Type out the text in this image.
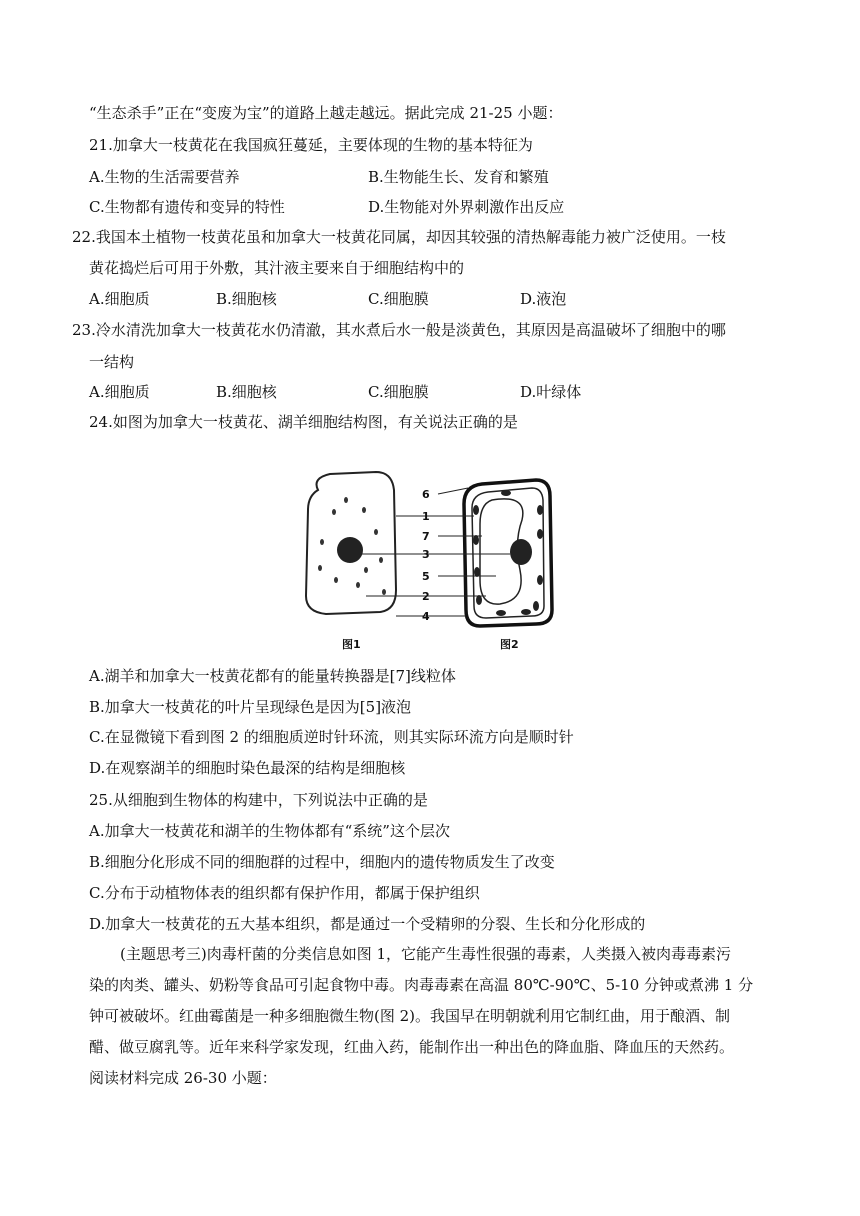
“生态杀手”正在“变废为宝”的道路上越走越远。据此完成 21-25 小题：
21.加拿大一枝黄花在我国疯狂蔓延，主要体现的生物的基本特征为
A.生物的生活需要营养	B.生物能生长、发育和繁殖
C.生物都有遗传和变异的特性	D.生物能对外界刺激作出反应
22.我国本土植物一枝黄花虽和加拿大一枝黄花同属，却因其较强的清热解毒能力被广泛使用。一枝
黄花捣烂后可用于外敷，其汁液主要来自于细胞结构中的
A.细胞质	B.细胞核	C.细胞膜	D.液泡
23.冷水清洗加拿大一枝黄花水仍清澈，其水煮后水一般是淡黄色，其原因是高温破坏了细胞中的哪
一结构
A.细胞质	B.细胞核	C.细胞膜	D.叶绿体
24.如图为加拿大一枝黄花、湖羊细胞结构图，有关说法正确的是
6
1
7
3
5
2
4
图1	图2
A.湖羊和加拿大一枝黄花都有的能量转换器是[7]线粒体
B.加拿大一枝黄花的叶片呈现绿色是因为[5]液泡
C.在显微镜下看到图 2 的细胞质逆时针环流，则其实际环流方向是顺时针
D.在观察湖羊的细胞时染色最深的结构是细胞核
25.从细胞到生物体的构建中，下列说法中正确的是
A.加拿大一枝黄花和湖羊的生物体都有“系统”这个层次
B.细胞分化形成不同的细胞群的过程中，细胞内的遗传物质发生了改变
C.分布于动植物体表的组织都有保护作用，都属于保护组织
D.加拿大一枝黄花的五大基本组织，都是通过一个受精卵的分裂、生长和分化形成的
(主题思考三)肉毒杆菌的分类信息如图 1，它能产生毒性很强的毒素，人类摄入被肉毒毒素污
染的肉类、罐头、奶粉等食品可引起食物中毒。肉毒毒素在高温 80℃-90℃、5-10 分钟或煮沸 1 分
钟可被破坏。红曲霉菌是一种多细胞微生物(图 2)。我国早在明朝就利用它制红曲，用于酿酒、制
醋、做豆腐乳等。近年来科学家发现，红曲入药，能制作出一种出色的降血脂、降血压的天然药。
阅读材料完成 26-30 小题：
